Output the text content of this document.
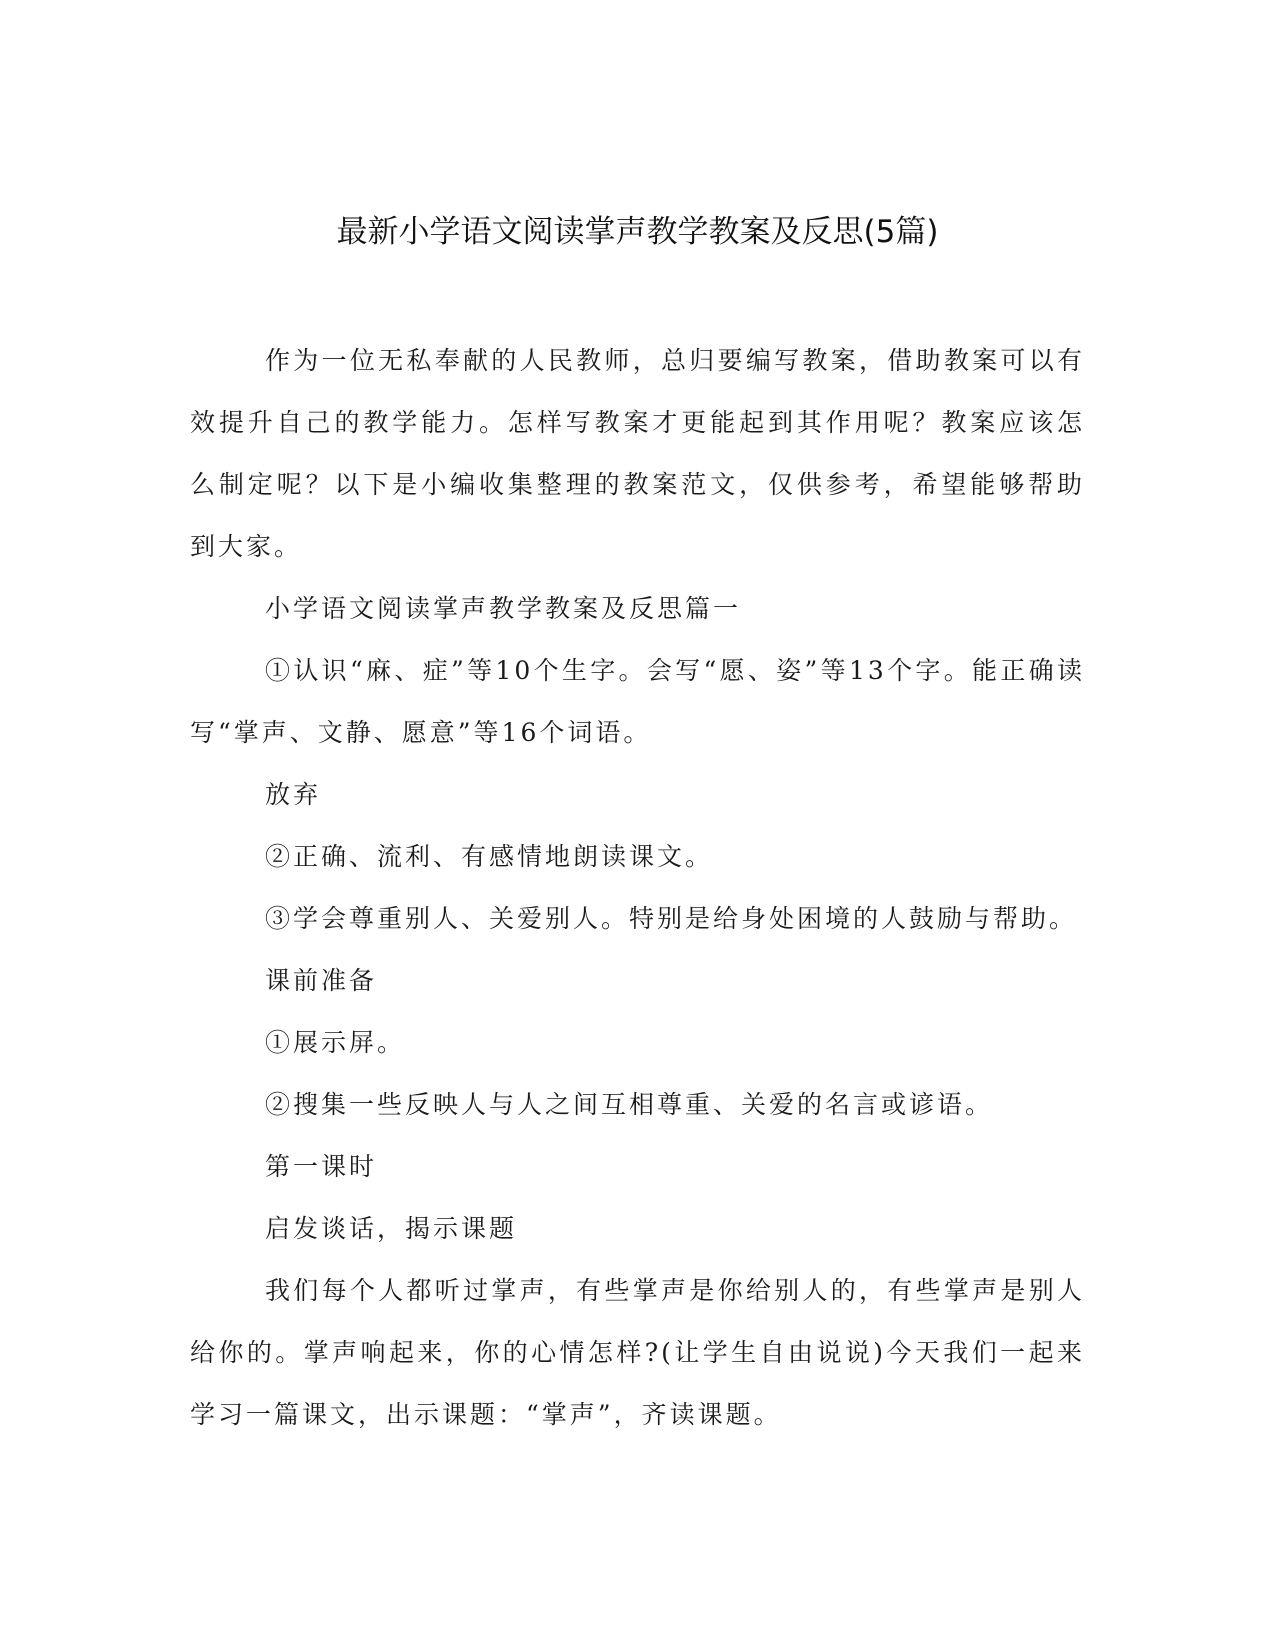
最新小学语文阅读掌声教学教案及反思(5篇)

作为一位无私奉献的人民教师，总归要编写教案，借助教案可以有效提升自己的教学能力。怎样写教案才更能起到其作用呢？教案应该怎么制定呢？以下是小编收集整理的教案范文，仅供参考，希望能够帮助到大家。

小学语文阅读掌声教学教案及反思篇一

①认识“麻、症”等10个生字。会写“愿、姿”等13个字。能正确读写“掌声、文静、愿意”等16个词语。

放弃

②正确、流利、有感情地朗读课文。

③学会尊重别人、关爱别人。特别是给身处困境的人鼓励与帮助。

课前准备

①展示屏。

②搜集一些反映人与人之间互相尊重、关爱的名言或谚语。

第一课时

启发谈话，揭示课题

我们每个人都听过掌声，有些掌声是你给别人的，有些掌声是别人给你的。掌声响起来，你的心情怎样?(让学生自由说说)今天我们一起来学习一篇课文，出示课题：“掌声”，齐读课题。
